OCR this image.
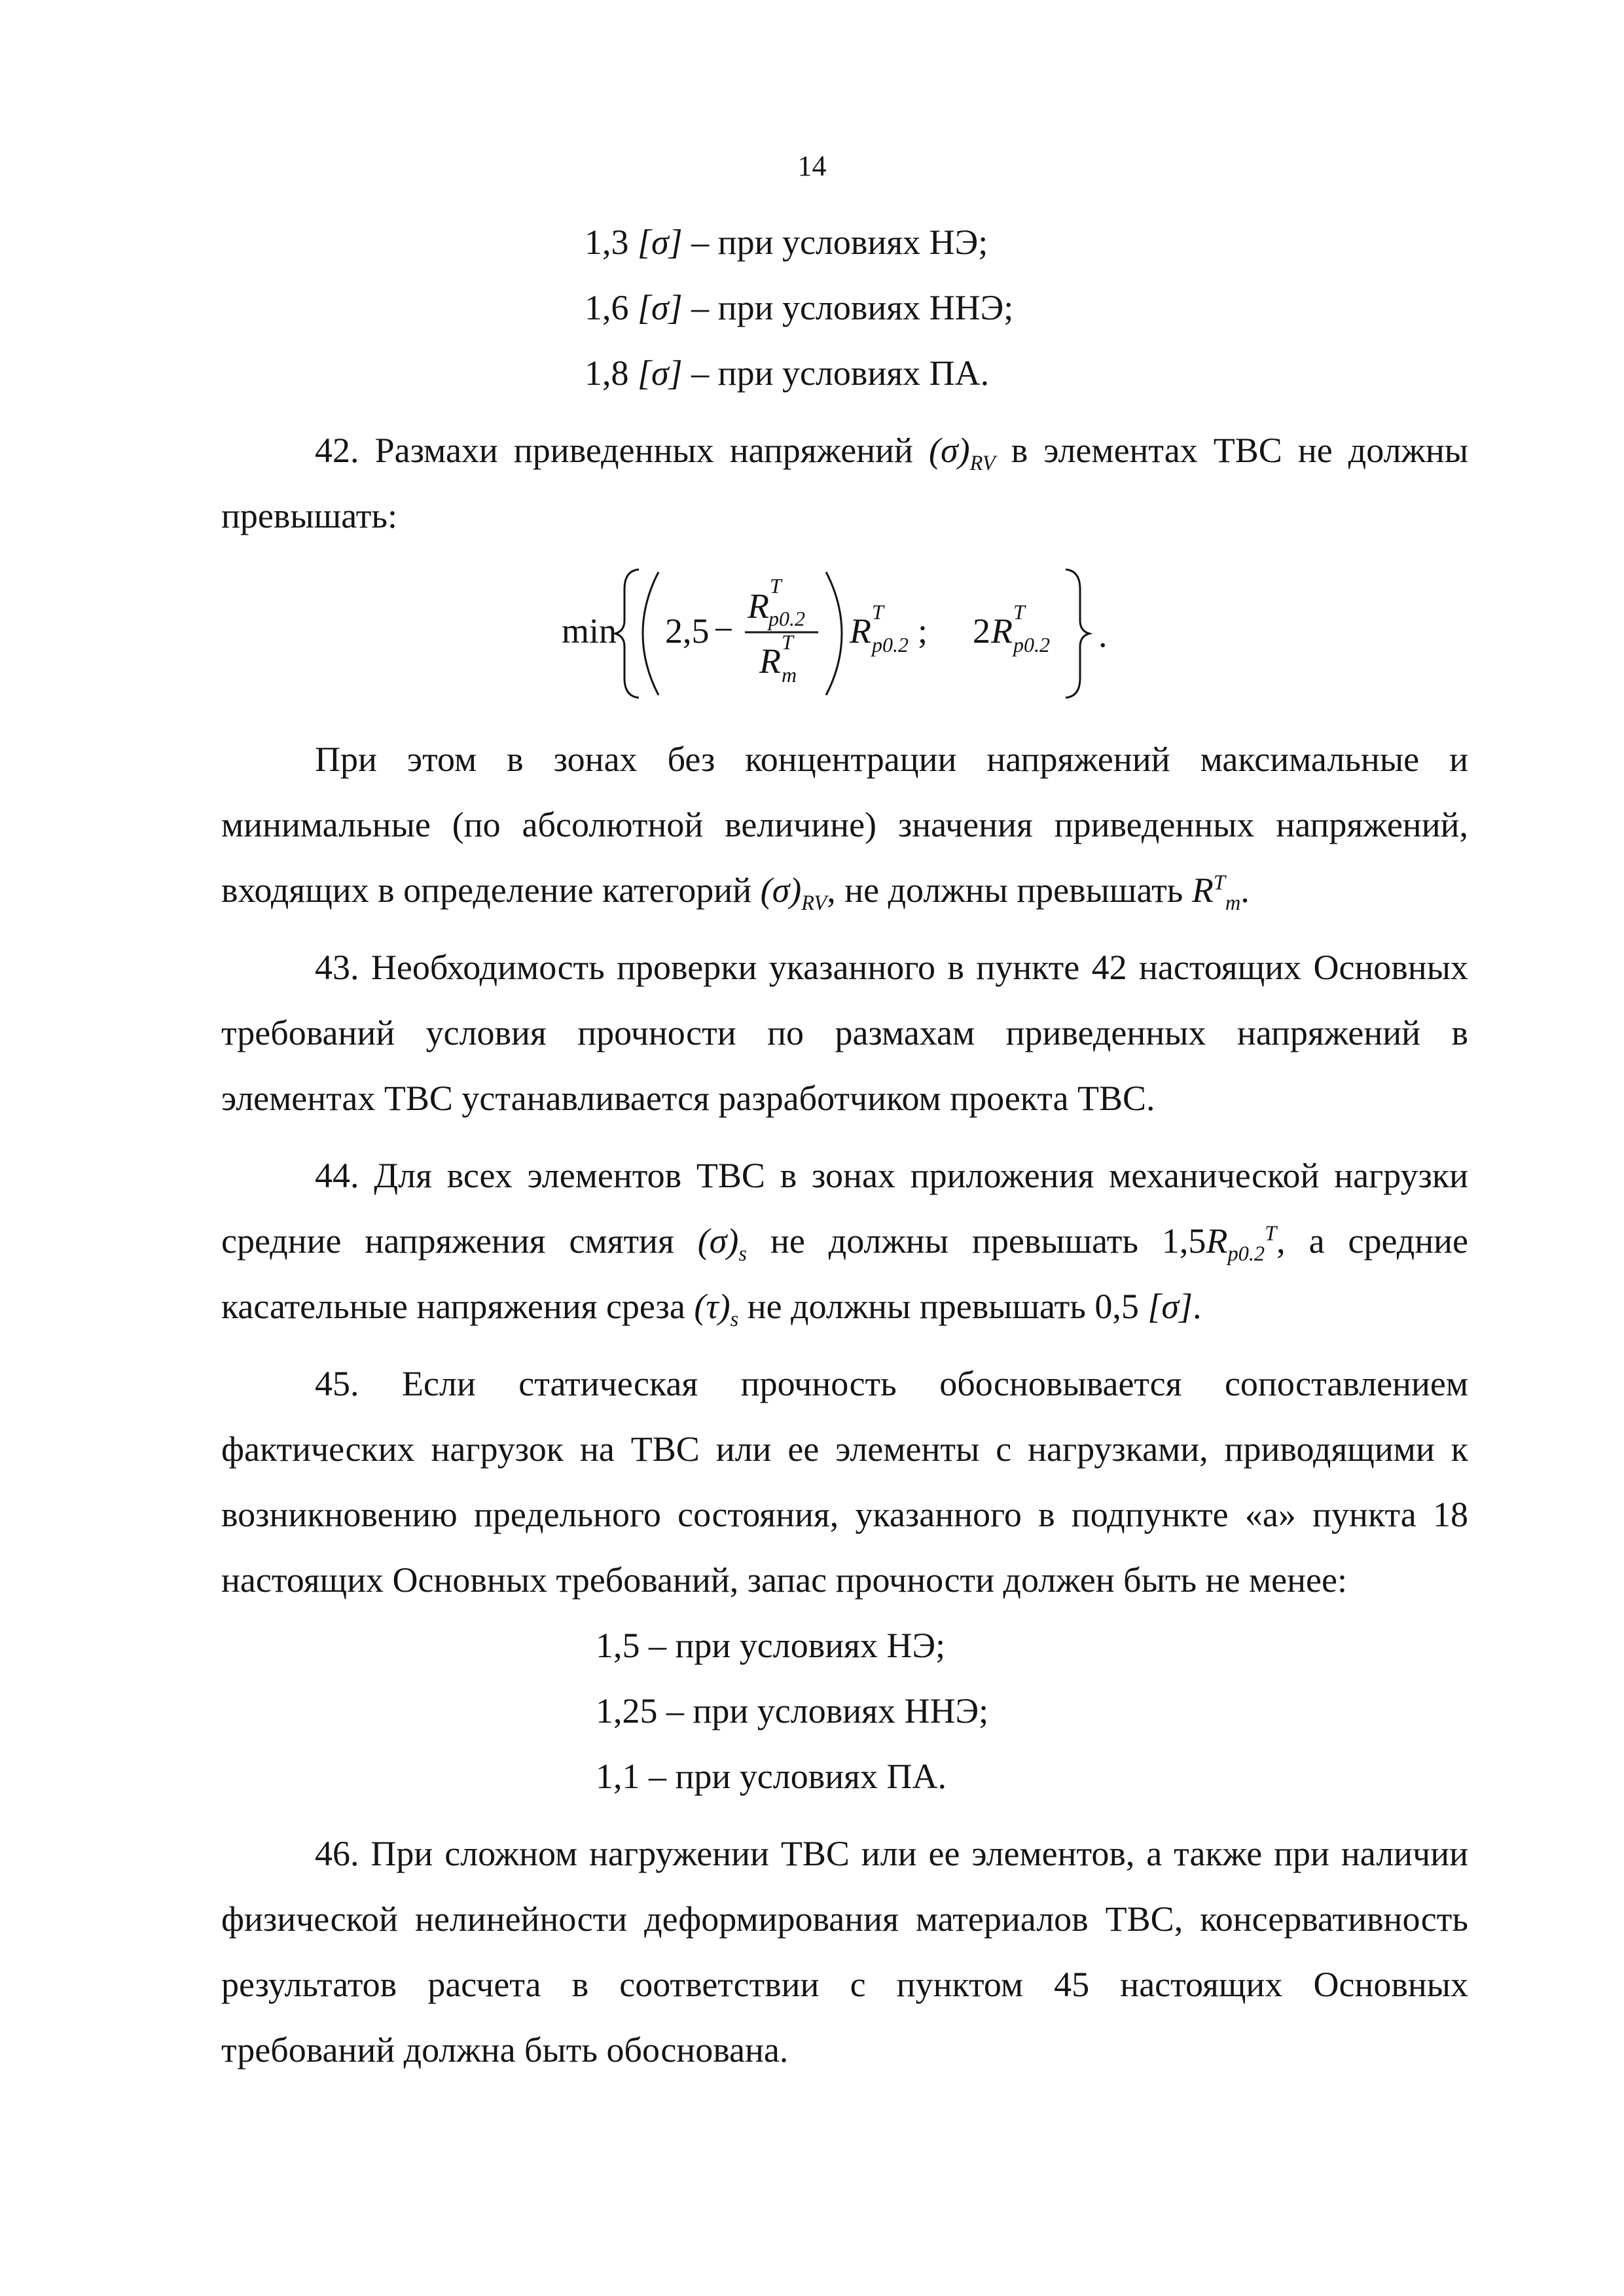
14

1,3 [σ] – при условиях НЭ;

1,6 [σ] – при условиях ННЭ;

1,8 [σ] – при условиях ПА.

42. Размахи приведенных напряжений $(\sigma)_{RV}$ в элементах ТВС не должны превышать:

min 2,5 −
R
T
p0.2
R T
m
R T
p0.2 ; 2 R T
p0.2 .

При этом в зонах без концентрации напряжений максимальные и минимальные (по абсолютной величине) значения приведенных напряжений, входящих в определение категорий $(\sigma)_{RV}$, не должны превышать $R^T_m$.

43. Необходимость проверки указанного в пункте 42 настоящих Основных требований условия прочности по размахам приведенных напряжений в элементах ТВС устанавливается разработчиком проекта ТВС.

44. Для всех элементов ТВС в зонах приложения механической нагрузки средние напряжения смятия $(\sigma)_s$ не должны превышать $1,5R_{p0.2}^T$, а средние касательные напряжения среза $(\tau)_s$ не должны превышать 0,5 [σ].

45. Если статическая прочность обосновывается сопоставлением фактических нагрузок на ТВС или ее элементы с нагрузками, приводящими к возникновению предельного состояния, указанного в подпункте «а» пункта 18 настоящих Основных требований, запас прочности должен быть не менее:

1,5 – при условиях НЭ;

1,25 – при условиях ННЭ;

1,1 – при условиях ПА.

46. При сложном нагружении ТВС или ее элементов, а также при наличии физической нелинейности деформирования материалов ТВС, консервативность результатов расчета в соответствии с пунктом 45 настоящих Основных требований должна быть обоснована.
